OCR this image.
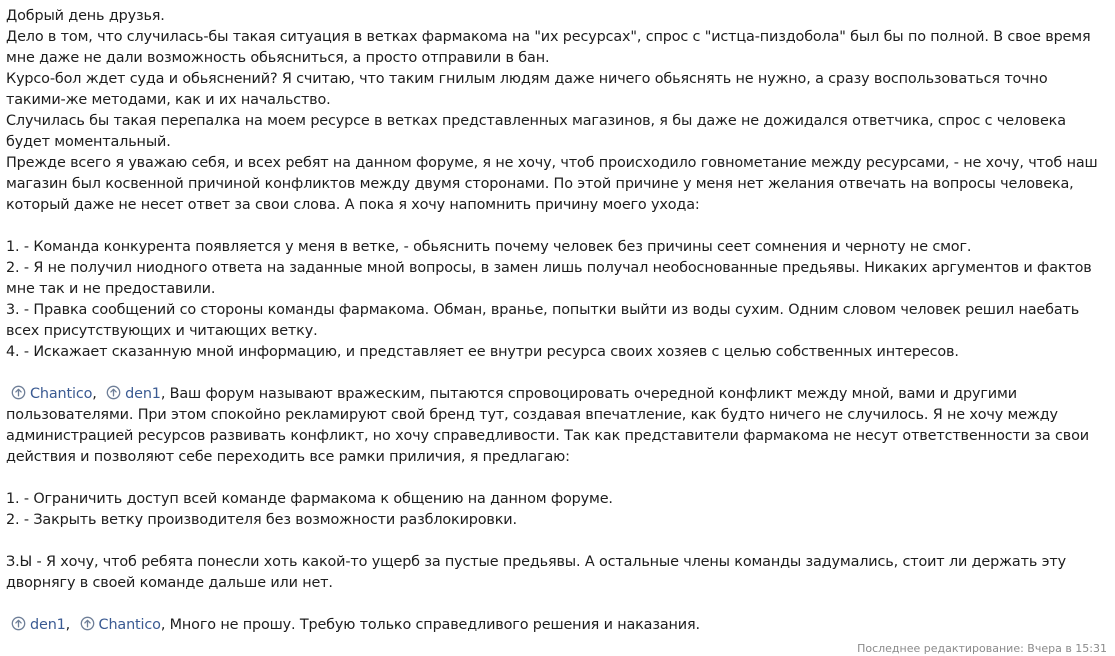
Добрый день друзья.
Дело в том, что случилась-бы такая ситуация в ветках фармакома на "их ресурсах", спрос с "истца-пиздобола" был бы по полной. В свое время мне даже не дали возможность обьясниться, а просто отправили в бан.
Курсо-бол ждет суда и обьяснений? Я считаю, что таким гнилым людям даже ничего обьяснять не нужно, а сразу воспользоваться точно такими-же методами, как и их начальство.
Случилась бы такая перепалка на моем ресурсе в ветках представленных магазинов, я бы даже не дожидался ответчика, спрос с человека будет моментальный.
Прежде всего я уважаю себя, и всех ребят на данном форуме, я не хочу, чтоб происходило говнометание между ресурсами, - не хочу, чтоб наш магазин был косвенной причиной конфликтов между двумя сторонами. По этой причине у меня нет желания отвечать на вопросы человека, который даже не несет ответ за свои слова. А пока я хочу напомнить причину моего ухода:
1. - Команда конкурента появляется у меня в ветке, - обьяснить почему человек без причины сеет сомнения и черноту не смог.
2. - Я не получил ниодного ответа на заданные мной вопросы, в замен лишь получал необоснованные предьявы. Никаких аргументов и фактов мне так и не предоставили.
3. - Правка сообщений со стороны команды фармакома. Обман, вранье, попытки выйти из воды сухим. Одним словом человек решил наебать всех присутствующих и читающих ветку.
4. - Искажает сказанную мной информацию, и представляет ее внутри ресурса своих хозяев с целью собственных интересов.
Chantico, den1, Ваш форум называют вражеским, пытаются спровоцировать очередной конфликт между мной, вами и другими пользователями. При этом спокойно рекламируют свой бренд тут, создавая впечатление, как будто ничего не случилось. Я не хочу между администрацией ресурсов развивать конфликт, но хочу справедливости. Так как представители фармакома не несут ответственности за свои действия и позволяют себе переходить все рамки приличия, я предлагаю:
1. - Ограничить доступ всей команде фармакома к общению на данном форуме.
2. - Закрыть ветку производителя без возможности разблокировки.
З.Ы - Я хочу, чтоб ребята понесли хоть какой-то ущерб за пустые предьявы. А остальные члены команды задумались, стоит ли держать эту дворнягу в своей команде дальше или нет.
den1, Chantico, Много не прошу. Требую только справедливого решения и наказания.
Последнее редактирование: Вчера в 15:31
